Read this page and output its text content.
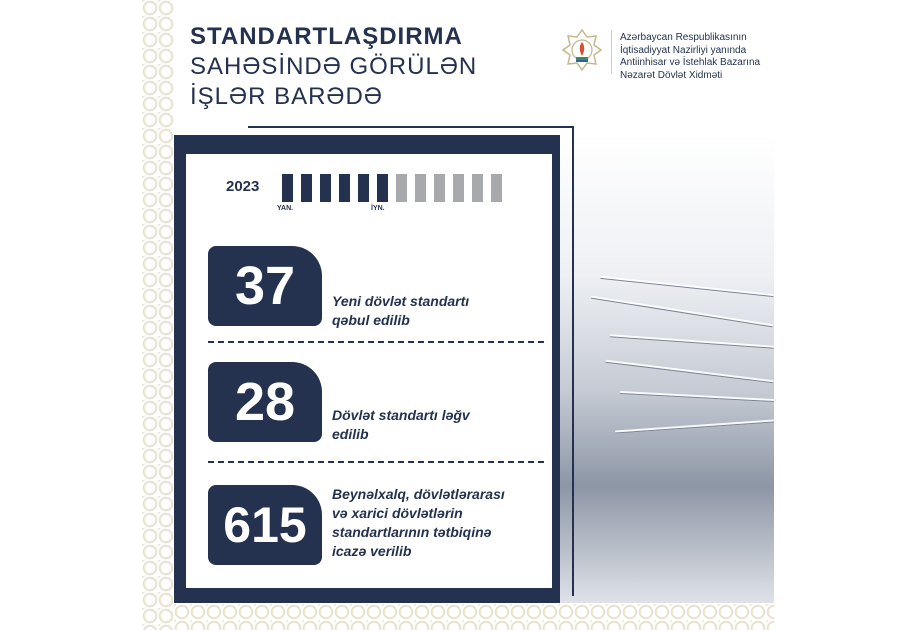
STANDARTLAŞDIRMA
SAHƏSİNDƏ GÖRÜLƏN
İŞLƏR BARƏDƏ
Azərbaycan Respublikasının
İqtisadiyyat Nazirliyi yanında
Antiinhisar və İstehlak Bazarına
Nəzarət Dövlət Xidməti
2023
YAN.	İYN.
37	Yeni dövlət standartı
qəbul edilib
28	Dövlət standartı ləğv
edilib
615
Beynəlxalq, dövlətlərarası
və xarici dövlətlərin
standartlarının tətbiqinə
icazə verilib
